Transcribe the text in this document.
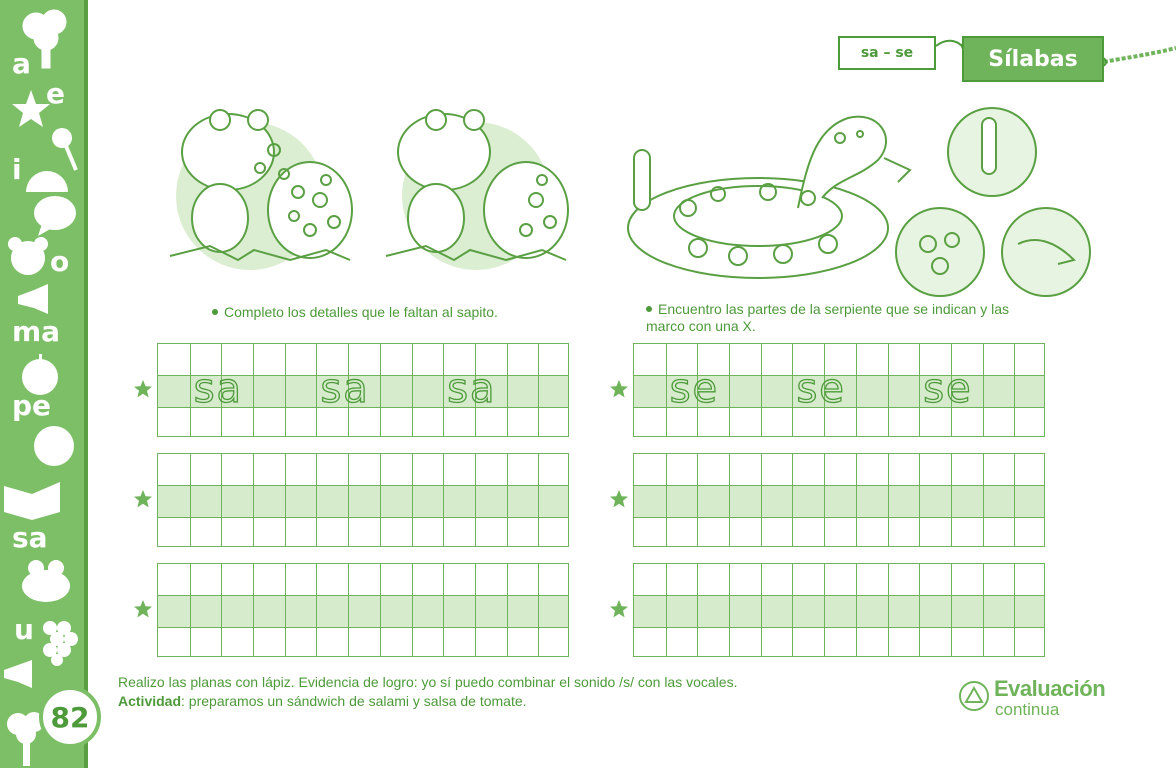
a
e
i
o
ma
pe
sa
u
82
sa – se	Sílabas
Completo los detalles que le faltan al sapito.	Encuentro las partes de la serpiente que se indican y las
marco con una X.
sa sa sa	se se se
Realizo las planas con lápiz. Evidencia de logro: yo sí puedo combinar el sonido /s/ con las vocales.
Actividad: preparamos un sándwich de salami y salsa de tomate.	Evaluación
continua
